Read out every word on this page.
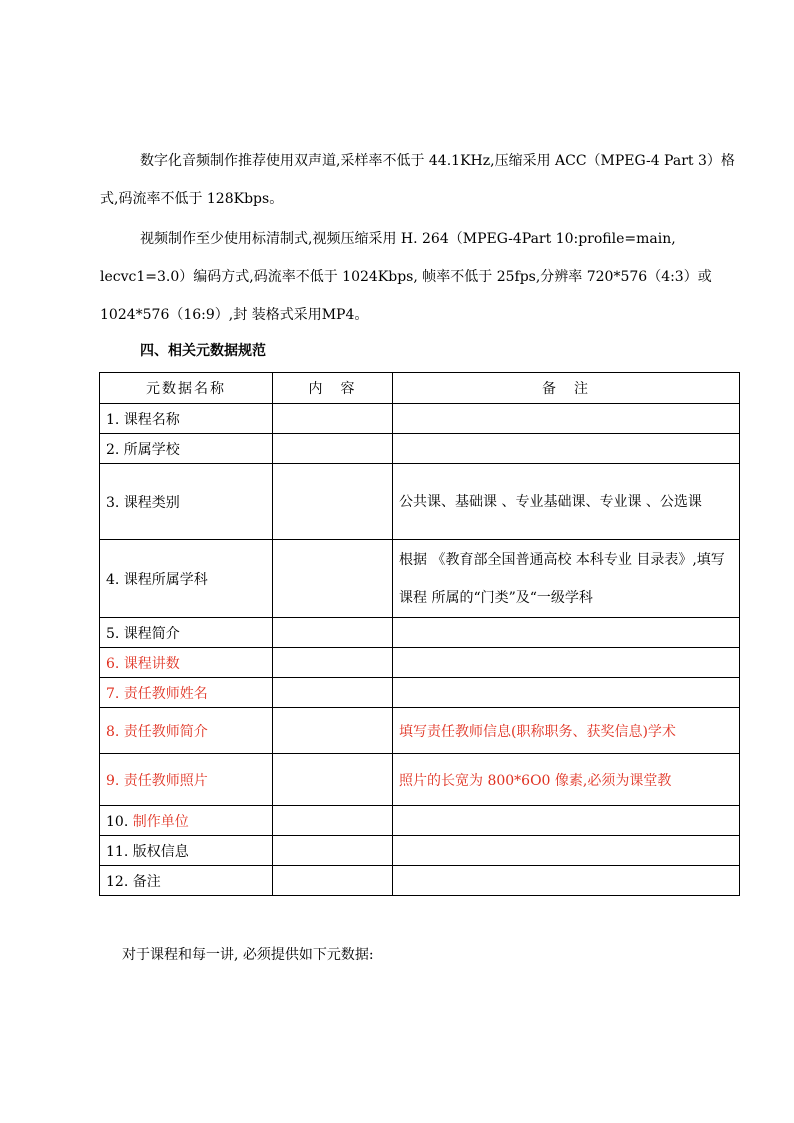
数字化音频制作推荐使用双声道,采样率不低于 44.1KHz,压缩采用 ACC（MPEG-4 Part 3）格式,码流率不低于 128Kbps。

视频制作至少使用标清制式,视频压缩采用 H. 264（MPEG-4Part 10:profile=main, lecvc1=3.0）编码方式,码流率不低于 1024Kbps, 帧率不低于 25fps,分辨率 720*576（4:3）或 1024*576（16:9）,封 装格式采用MP4。

四、相关元数据规范
元数据名称	内　容	备　注
1. 课程名称		
2. 所属学校		
3. 课程类别		公共课、基础课 、专业基础课、专业课 、公选课
4. 课程所属学科		根据 《教育部全国普通高校 本科专业 目录表》,填写课程 所属的“门类”及“一级学科
5. 课程简介		
6. 课程讲数		
7. 责任教师姓名		
8. 责任教师简介		填写责任教师信息(职称职务、获奖信息)学术
9. 责任教师照片		照片的长宽为 800*6O0 像素,必须为课堂教
10. 制作单位		
11. 版权信息		
12. 备注		
对于课程和每一讲, 必须提供如下元数据:
